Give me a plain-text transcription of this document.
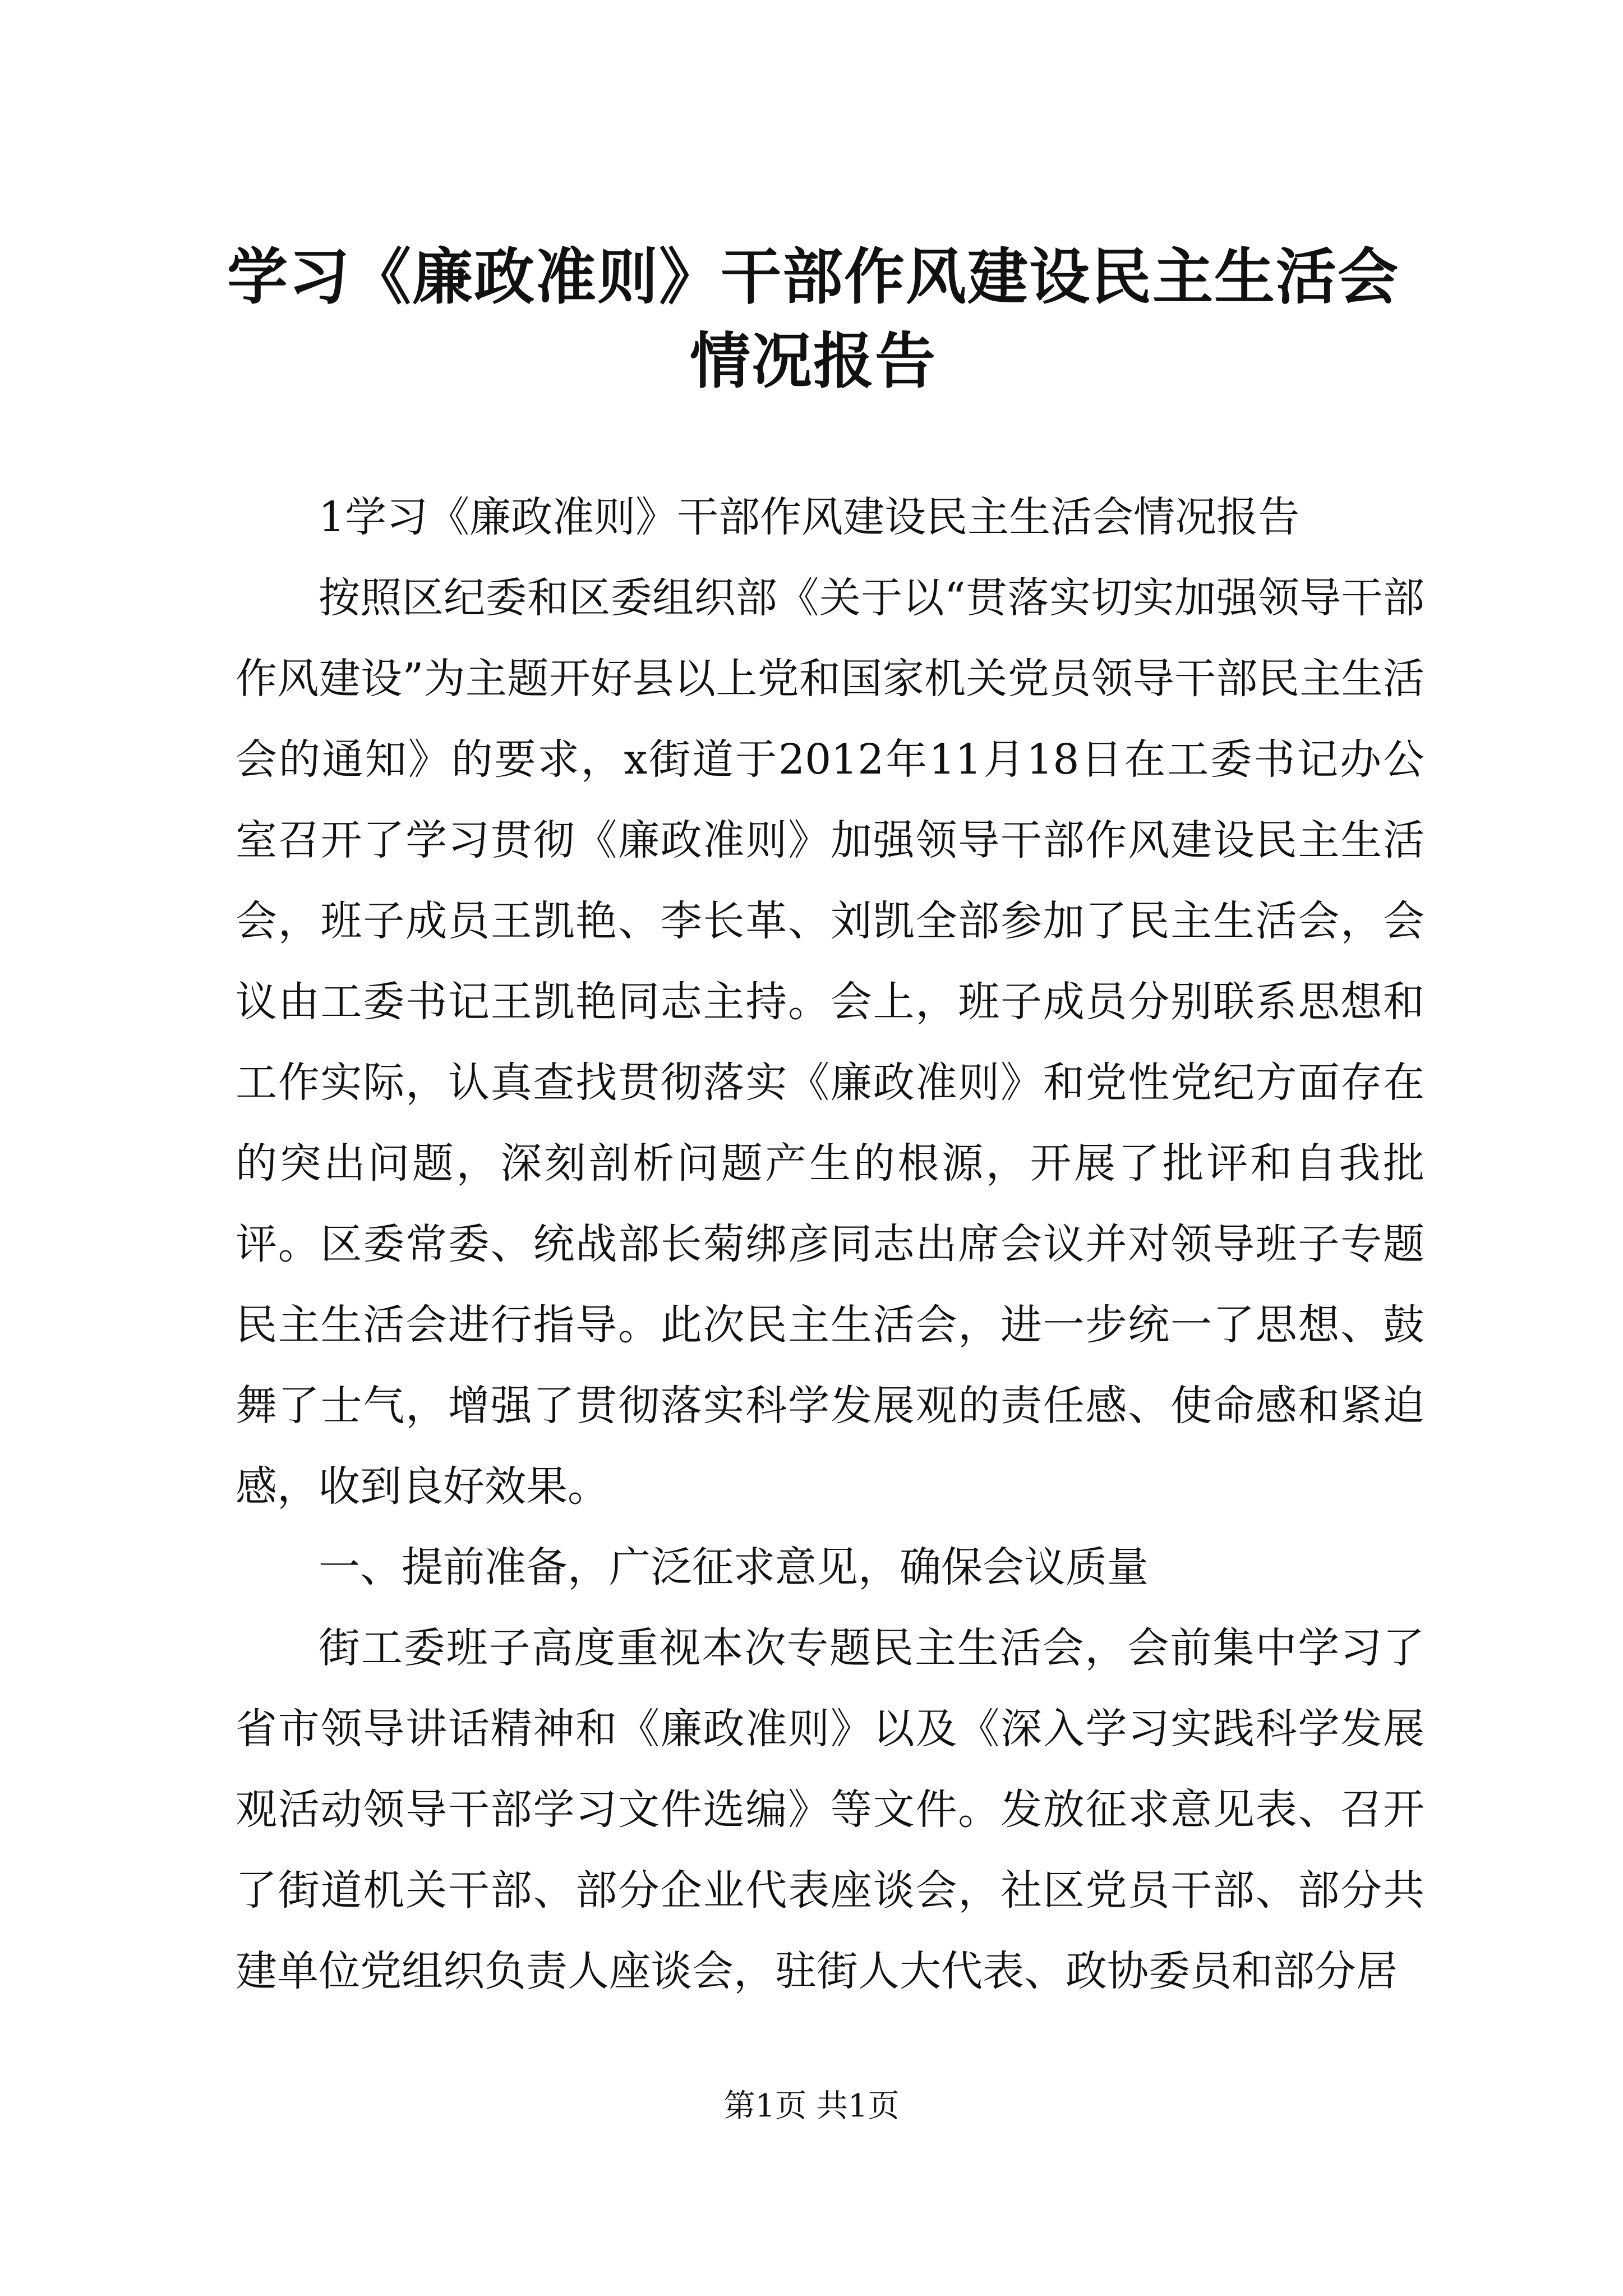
学习《廉政准则》干部作风建设民主生活会情况报告

1学习《廉政准则》干部作风建设民主生活会情况报告

按照区纪委和区委组织部《关于以“贯落实切实加强领导干部作风建设”为主题开好县以上党和国家机关党员领导干部民主生活会的通知》的要求，x街道于2012年11月18日在工委书记办公室召开了学习贯彻《廉政准则》加强领导干部作风建设民主生活会，班子成员王凯艳、李长革、刘凯全部参加了民主生活会，会议由工委书记王凯艳同志主持。会上，班子成员分别联系思想和工作实际，认真查找贯彻落实《廉政准则》和党性党纪方面存在的突出问题，深刻剖析问题产生的根源，开展了批评和自我批评。区委常委、统战部长菊绑彦同志出席会议并对领导班子专题民主生活会进行指导。此次民主生活会，进一步统一了思想、鼓舞了士气，增强了贯彻落实科学发展观的责任感、使命感和紧迫感，收到良好效果。

一、提前准备，广泛征求意见，确保会议质量

街工委班子高度重视本次专题民主生活会，会前集中学习了省市领导讲话精神和《廉政准则》以及《深入学习实践科学发展观活动领导干部学习文件选编》等文件。发放征求意见表、召开了街道机关干部、部分企业代表座谈会，社区党员干部、部分共建单位党组织负责人座谈会，驻街人大代表、政协委员和部分居

第1页 共1页
